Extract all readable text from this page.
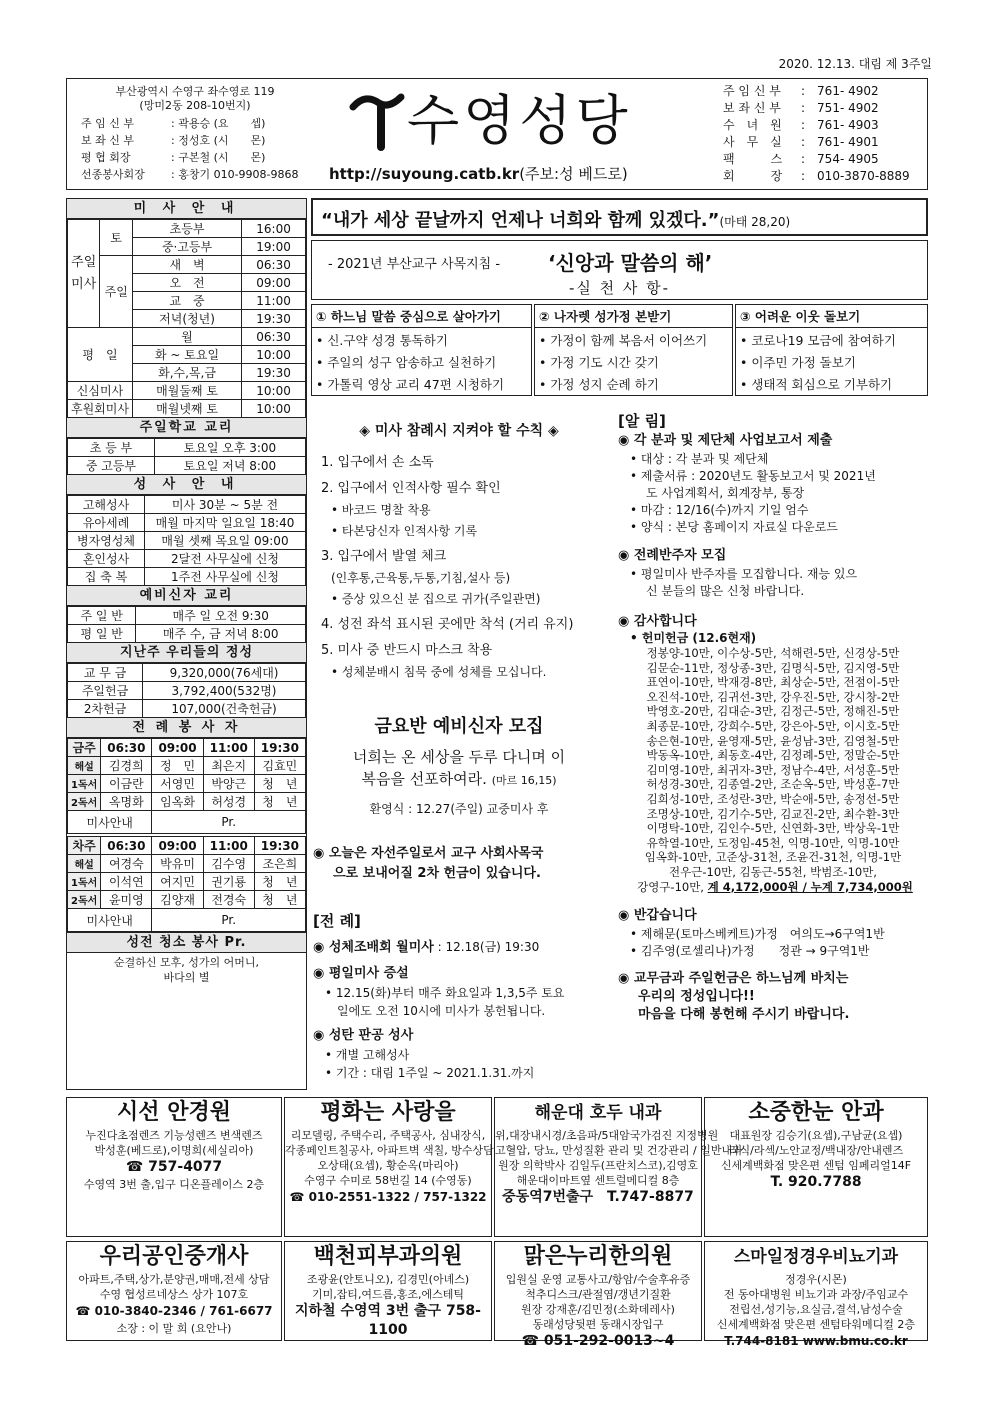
2020. 12.13. 대림 제 3주일
부산광역시 수영구 좌수영로 119
(망미2동 208-10번지)
주 임 신 부	: 곽용승 (요　　셉)
보 좌 신 부	: 정성호 (시　　몬)
평 협 회장	: 구본철 (시　　몬)
선종봉사회장 : 홍창기 010-9908-9868
수영성당
http://suyoung.catb.kr(주보:성 베드로)
주 임 신 부 :　761- 4902
보 좌 신 부 :　751- 4902
수　녀　원 :　761- 4903
사　무　실 :　761- 4901
팩　　　스 :　754- 4905
회　　　장 :　010-3870-8889
미 사 안 내
주일미사	토	초등부	16:00
		중·고등부	19:00
	주일	새　벽	06:30
		오　전	09:00
		교　중	11:00
		저녁(청년)	19:30
평　일		월	06:30
		화 ~ 토요일	10:00
		화,수,목,금	19:30
신심미사		매월둘째 토	10:00
후원회미사		매월넷째 토	10:00
주일학교 교리
초 등 부	토요일 오후 3:00
중 고등부	토요일 저녁 8:00
성 사 안 내
고해성사	미사 30분 ~ 5분 전
유아세례	매월 마지막 일요일 18:40
병자영성체	매월 셋째 목요일 09:00
혼인성사	2달전 사무실에 신청
집 축 복	1주전 사무실에 신청
예비신자 교리
주 일 반	매주 일 오전 9:30
평 일 반	매주 수, 금 저녁 8:00
지난주 우리들의 정성
교 무 금	9,320,000(76세대)
주일헌금	3,792,400(532명)
2차헌금	107,000(건축헌금)
전 례 봉 사 자
금주	06:30	09:00	11:00	19:30
해설	김경희	정　민	최은지	김효민
1독서	이금란	서영민	박양근	청　년
2독서	옥명화	임옥화	허성경	청　년
미사안내		Pr.		
차주	06:30	09:00	11:00	19:30
해설	여경숙	박유미	김수영	조은희
1독서	이석연	여지민	권기룡	청　년
2독서	윤미영	김양재	전경숙	청　년
미사안내		Pr.		
성전 청소 봉사 Pr.
순결하신 모후, 성가의 어머니,
바다의 별
“내가 세상 끝날까지 언제나 너희와 함께 있겠다.”(마태 28,20)
- 2021년 부산교구 사목지침 - ‘신앙과 말씀의 해’
-실 천 사 항-
① 하느님 말씀 중심으로 살아가기
• 신.구약 성경 통독하기
• 주일의 성구 암송하고 실천하기
• 가톨릭 영상 교리 47편 시청하기
② 나자렛 성가정 본받기
• 가정이 함께 복음서 이어쓰기
• 가정 기도 시간 갖기
• 가정 성지 순례 하기
③ 어려운 이웃 돌보기
• 코로나19 모금에 참여하기
• 이주민 가정 돌보기
• 생태적 회심으로 기부하기
◈ 미사 참례시 지켜야 할 수칙 ◈
1. 입구에서 손 소독
2. 입구에서 인적사항 필수 확인
• 바코드 명찰 착용
• 타본당신자 인적사항 기록
3. 입구에서 발열 체크
(인후통,근육통,두통,기침,설사 등)
• 증상 있으신 분 집으로 귀가(주일관면)
4. 성전 좌석 표시된 곳에만 착석 (거리 유지)
5. 미사 중 반드시 마스크 착용
• 성체분배시 침묵 중에 성체를 모십니다.
금요반 예비신자 모집
너희는 온 세상을 두루 다니며 이
복음을 선포하여라. (마르 16,15)
환영식 : 12.27(주일) 교중미사 후
◉ 오늘은 자선주일로서 교구 사회사목국
으로 보내어질 2차 헌금이 있습니다.
[전 례]
◉ 성체조배회 월미사 : 12.18(금) 19:30
◉ 평일미사 증설
• 12.15(화)부터 매주 화요일과 1,3,5주 토요
일에도 오전 10시에 미사가 봉헌됩니다.
◉ 성탄 판공 성사
• 개별 고해성사
• 기간 : 대림 1주일 ~ 2021.1.31.까지
[알 림]
◉ 각 분과 및 제단체 사업보고서 제출
• 대상 : 각 분과 및 제단체
• 제출서류 : 2020년도 활동보고서 및 2021년
도 사업계획서, 회계장부, 통장
• 마감 : 12/16(수)까지 기일 엄수
• 양식 : 본당 홈페이지 자료실 다운로드
◉ 전례반주자 모집
• 평일미사 반주자를 모집합니다. 재능 있으
신 분들의 많은 신청 바랍니다.
◉ 감사합니다
• 헌미헌금 (12.6현재)
정봉양-10만, 이수상-5만, 석해련-5만, 신경상-5만
김문순-11만, 정상종-3만, 김명식-5만, 김지영-5만
표연이-10만, 박재경-8만, 최상순-5만, 전점이-5만
오진석-10만, 김귀선-3만, 강우진-5만, 강시창-2만
박영호-20만, 김대순-3만, 김정근-5만, 정해진-5만
최종문-10만, 강희수-5만, 강은아-5만, 이시호-5만
송은현-10만, 윤영재-5만, 윤성남-3만, 김영철-5만
박동옥-10만, 최동호-4만, 김정례-5만, 정말순-5만
김미영-10만, 최귀자-3만, 정남수-4만, 서성훈-5만
허성경-30만, 김종열-2만, 조순옥-5만, 박성훈-7만
김희성-10만, 조성란-3만, 박순애-5만, 송정선-5만
조명상-10만, 김기수-5만, 김교진-2만, 최수환-3만
이명탁-10만, 김인수-5만, 신연화-3만, 박상욱-1만
유학열-10만, 도정임-45천, 익명-10만, 익명-10만
임옥화-10만, 고준상-31천, 조윤건-31천, 익명-1만
전우근-10만, 김동근-55천, 박범조-10만,
강영구-10만, 계 4,172,000원 / 누계 7,734,000원
◉ 반갑습니다
• 제해문(토마스베케트)가정　여의도→6구역1반
• 김주영(로셀리나)가정　　정관 → 9구역1반
◉ 교무금과 주일헌금은 하느님께 바치는
우리의 정성입니다!!
마음을 다해 봉헌해 주시기 바랍니다.
시선 안경원
누진다초점렌즈 기능성렌즈 변색렌즈
박성훈(베드로),이명희(세실리아)
☎ 757-4077
수영역 3번 출,입구 디온플레이스 2층
평화는 사랑을
리모델링, 주택수리, 주택공사, 심내장식,
각종페인트칠공사, 아파트벽 색칠, 방수상담
오상태(요셉), 황순옥(마리아)
수영구 수미로 58번길 14 (수영동)
☎ 010-2551-1322 / 757-1322
해운대 호두 내과
위,대장내시경/초음파/5대암국가검진 지정병원
고혈압, 당뇨, 만성질환 관리 및 건강관리 / 일반내과
원장 의학박사 김일두(프란치스코),김영호
해운대이마트옆 센트럴메디컬 8층
중동역7번출구　T.747-8877
소중한눈 안과
대표원장 김승기(요셉),구남균(요셉)
라식/라섹/노안교정/백내장/안내렌즈
신세계백화점 맞은편 센텀 임페리얼14F
T. 920.7788
우리공인중개사
아파트,주택,상가,분양권,매매,전세 상담
수영 협성르네상스 상가 107호
☎ 010-3840-2346 / 761-6677
소장 : 이 말 희 (요안나)
백천피부과의원
조광윤(안토니오), 김경민(아녜스)
기미,잡티,여드름,홍조,에스테틱
지하철 수영역 3번 출구 758-1100
맑은누리한의원
입원실 운영 교통사고/항암/수술후유증
척추디스크/관절염/갱년기질환
원장 강재훈/김민정(소화데레사)
동래성당뒷편 동래시장입구
☎ 051-292-0013~4
스마일정경우비뇨기과
정경우(시몬)
전 동아대병원 비뇨기과 과장/주임교수
전립선,성기능,요실금,결석,남성수술
신세계백화점 맞은편 센텀타워메디컬 2층
T.744-8181 www.bmu.co.kr
